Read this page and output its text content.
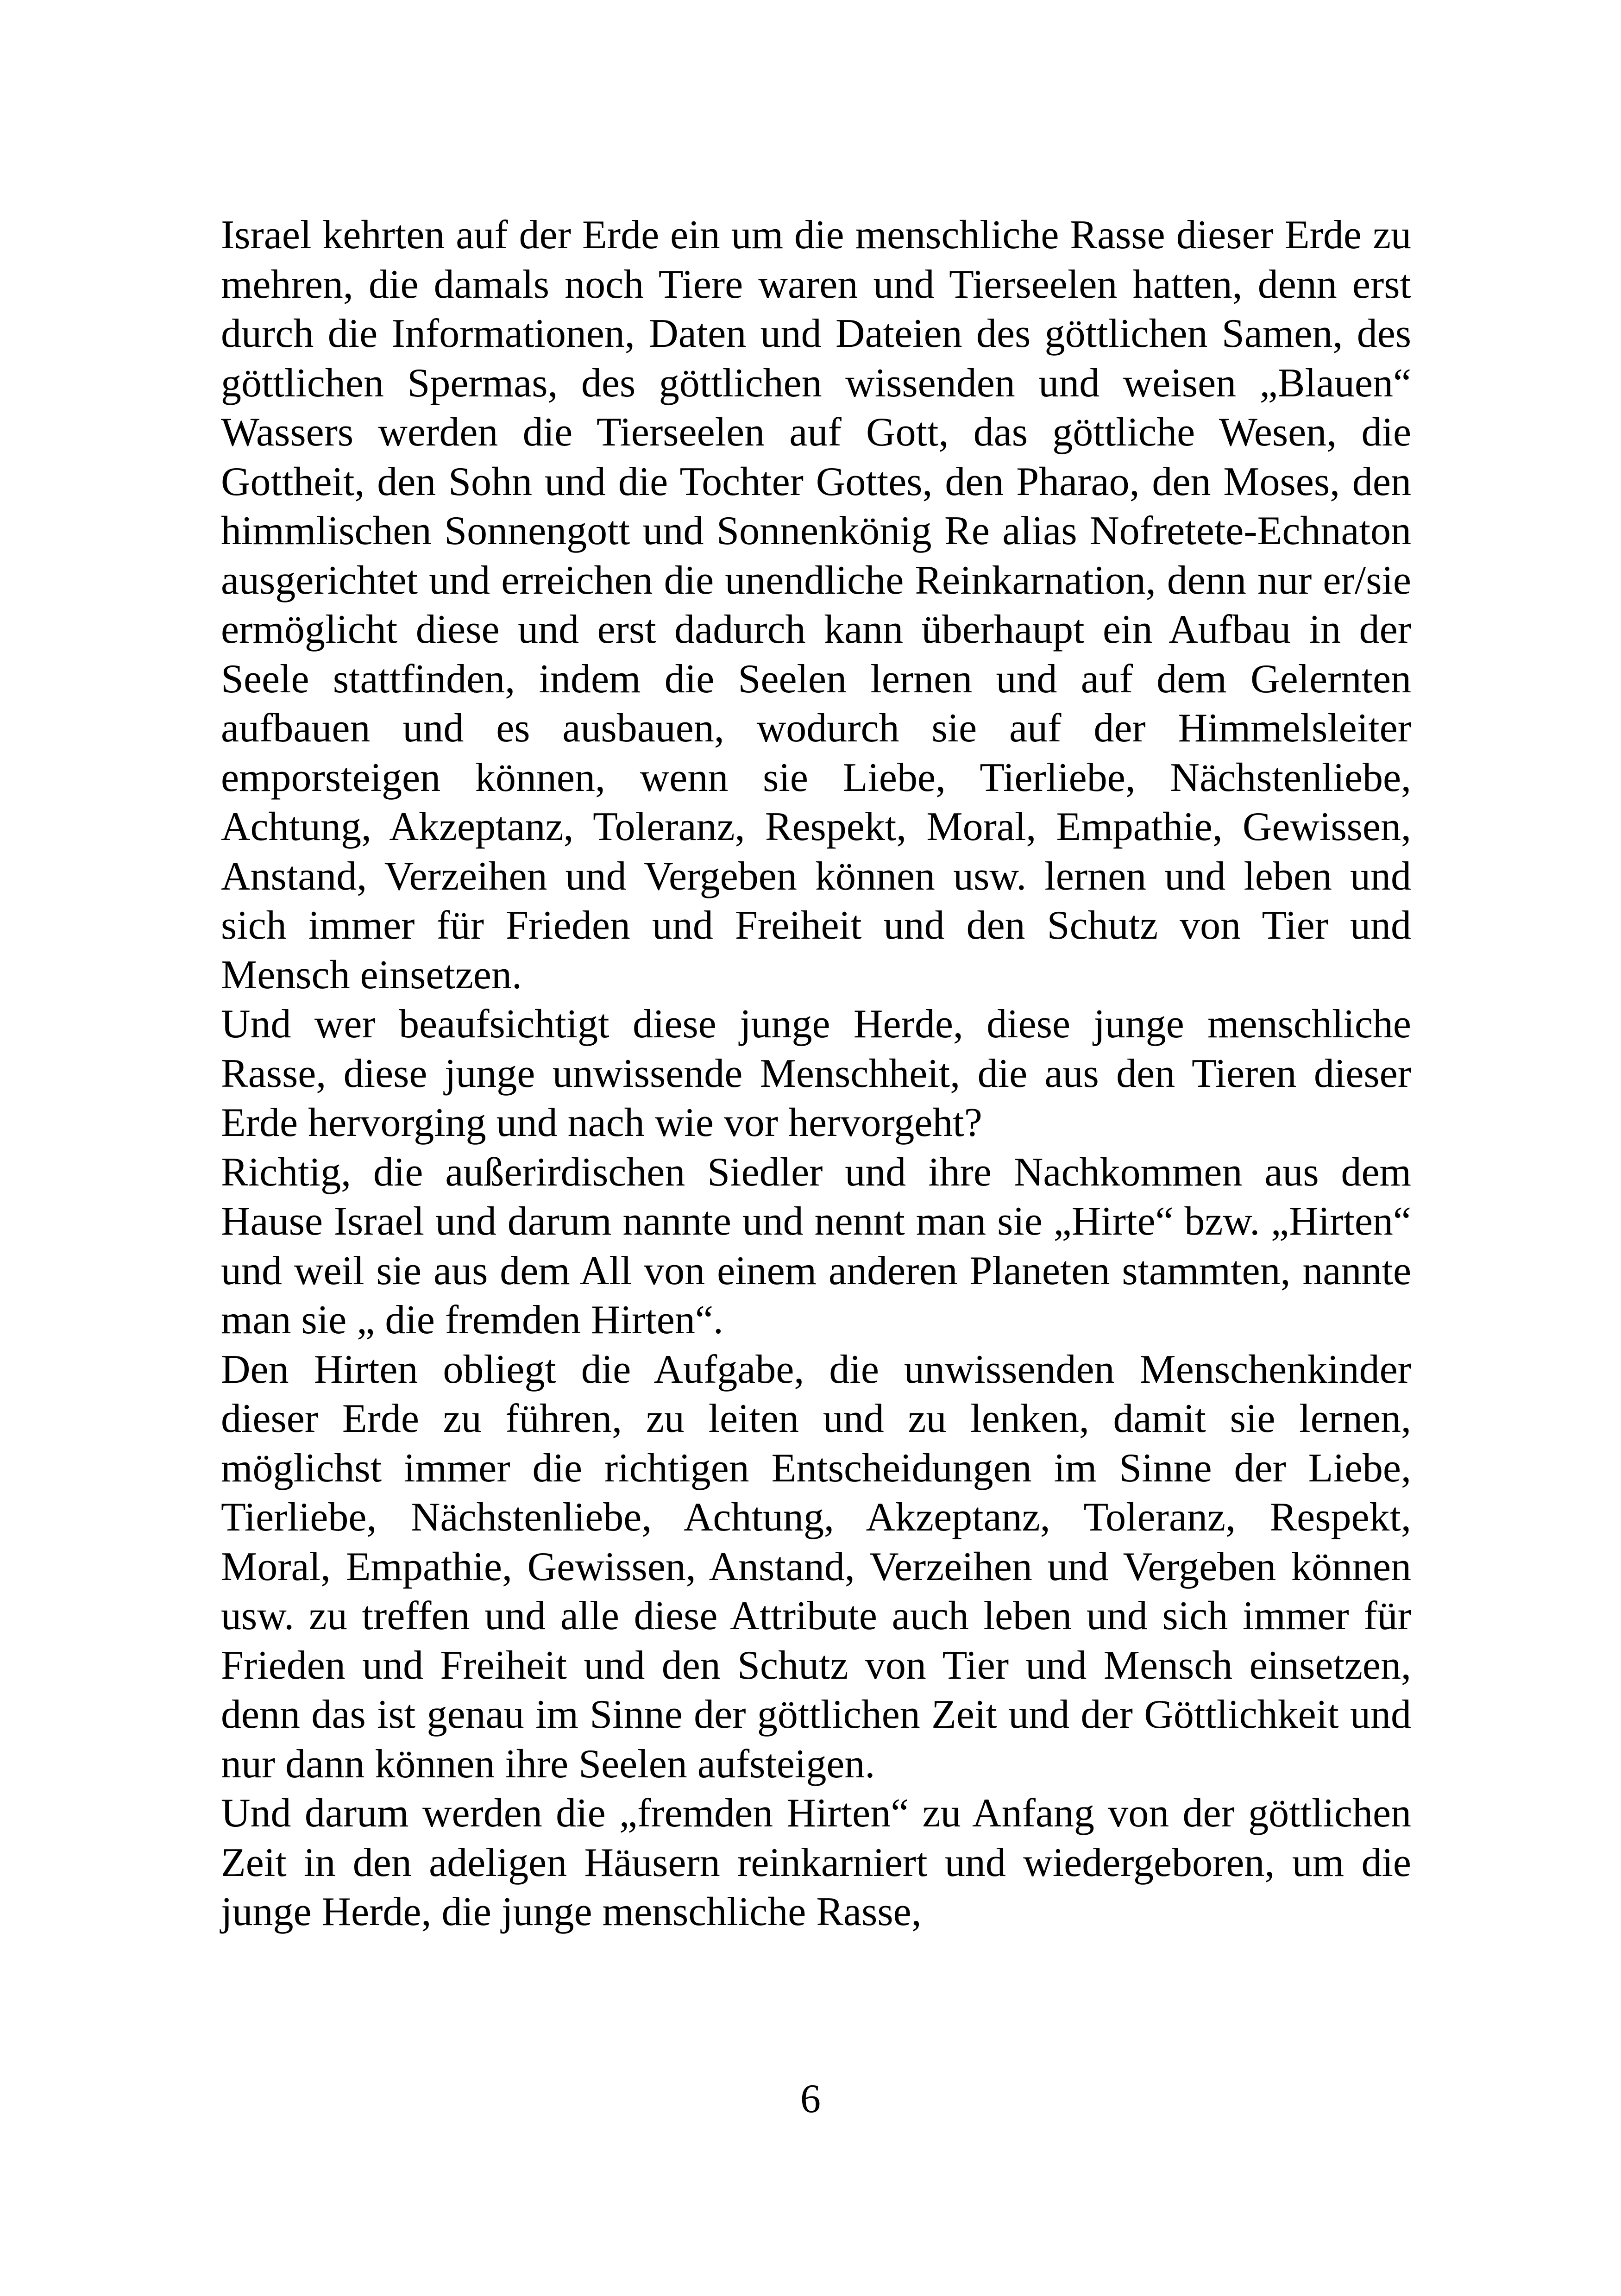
Israel kehrten auf der Erde ein um die menschliche Rasse dieser Erde zu mehren, die damals noch Tiere waren und Tierseelen hatten, denn erst durch die Informationen, Daten und Dateien des göttlichen Samen, des göttlichen Spermas, des göttlichen wissenden und weisen „Blauen“ Wassers werden die Tierseelen auf Gott, das göttliche Wesen, die Gottheit, den Sohn und die Tochter Gottes, den Pharao, den Moses, den himmlischen Sonnengott und Sonnenkönig Re alias Nofretete-Echnaton ausgerichtet und erreichen die unendliche Reinkarnation, denn nur er/sie ermöglicht diese und erst dadurch kann überhaupt ein Aufbau in der Seele stattfinden, indem die Seelen lernen und auf dem Gelernten aufbauen und es ausbauen, wodurch sie auf der Himmelsleiter emporsteigen können, wenn sie Liebe, Tierliebe, Nächstenliebe, Achtung, Akzeptanz, Toleranz, Respekt, Moral, Empathie, Gewissen, Anstand, Verzeihen und Vergeben können usw. lernen und leben und sich immer für Frieden und Freiheit und den Schutz von Tier und Mensch einsetzen.

Und wer beaufsichtigt diese junge Herde, diese junge menschliche Rasse, diese junge unwissende Menschheit, die aus den Tieren dieser Erde hervorging und nach wie vor hervorgeht?

Richtig, die außerirdischen Siedler und ihre Nachkommen aus dem Hause Israel und darum nannte und nennt man sie „Hirte“ bzw. „Hirten“ und weil sie aus dem All von einem anderen Planeten stammten, nannte man sie „ die fremden Hirten“.

Den Hirten obliegt die Aufgabe, die unwissenden Menschenkinder dieser Erde zu führen, zu leiten und zu lenken, damit sie lernen, möglichst immer die richtigen Entscheidungen im Sinne der Liebe, Tierliebe, Nächstenliebe, Achtung, Akzeptanz, Toleranz, Respekt, Moral, Empathie, Gewissen, Anstand, Verzeihen und Vergeben können usw. zu treffen und alle diese Attribute auch leben und sich immer für Frieden und Freiheit und den Schutz von Tier und Mensch einsetzen, denn das ist genau im Sinne der göttlichen Zeit und der Göttlichkeit und nur dann können ihre Seelen aufsteigen.

Und darum werden die „fremden Hirten“ zu Anfang von der göttlichen Zeit in den adeligen Häusern reinkarniert und wiedergeboren, um die junge Herde, die junge menschliche Rasse,

6
